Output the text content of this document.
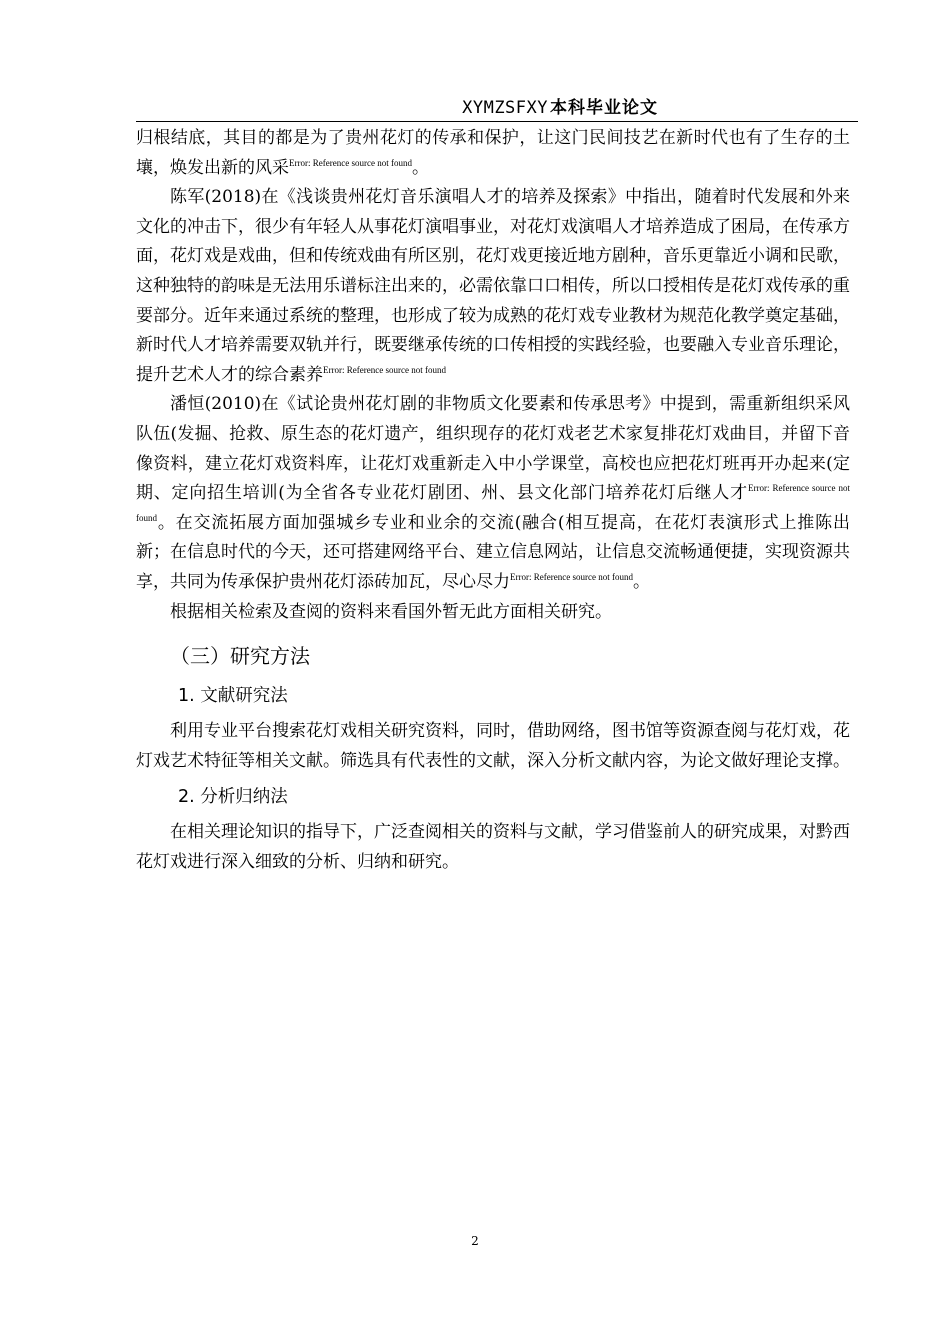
XYMZSFXY 本科毕业论文

归根结底，其目的都是为了贵州花灯的传承和保护，让这门民间技艺在新时代也有了生存的土壤，焕发出新的风采$^{Error: Reference source not found}$。

陈军(2018)在《浅谈贵州花灯音乐演唱人才的培养及探索》中指出，随着时代发展和外来文化的冲击下，很少有年轻人从事花灯演唱事业，对花灯戏演唱人才培养造成了困局，在传承方面，花灯戏是戏曲，但和传统戏曲有所区别，花灯戏更接近地方剧种，音乐更靠近小调和民歌，这种独特的韵味是无法用乐谱标注出来的，必需依靠口口相传，所以口授相传是花灯戏传承的重要部分。近年来通过系统的整理，也形成了较为成熟的花灯戏专业教材为规范化教学奠定基础，新时代人才培养需要双轨并行，既要继承传统的口传相授的实践经验，也要融入专业音乐理论，提升艺术人才的综合素养$^{Error: Reference source not found}$

潘恒(2010)在《试论贵州花灯剧的非物质文化要素和传承思考》中提到，需重新组织采风队伍(发掘、抢救、原生态的花灯遗产，组织现存的花灯戏老艺术家复排花灯戏曲目，并留下音像资料，建立花灯戏资料库，让花灯戏重新走入中小学课堂，高校也应把花灯班再开办起来(定期、定向招生培训(为全省各专业花灯剧团、州、县文化部门培养花灯后继人才$^{Error: Reference source not found}$。在交流拓展方面加强城乡专业和业余的交流(融合(相互提高，在花灯表演形式上推陈出新；在信息时代的今天，还可搭建网络平台、建立信息网站，让信息交流畅通便捷，实现资源共享，共同为传承保护贵州花灯添砖加瓦，尽心尽力$^{Error: Reference source not found}$。

根据相关检索及查阅的资料来看国外暂无此方面相关研究。

（三）研究方法

1. 文献研究法

利用专业平台搜索花灯戏相关研究资料，同时，借助网络，图书馆等资源查阅与花灯戏，花灯戏艺术特征等相关文献。筛选具有代表性的文献，深入分析文献内容，为论文做好理论支撑。

2. 分析归纳法

在相关理论知识的指导下，广泛查阅相关的资料与文献，学习借鉴前人的研究成果，对黔西花灯戏进行深入细致的分析、归纳和研究。

2
